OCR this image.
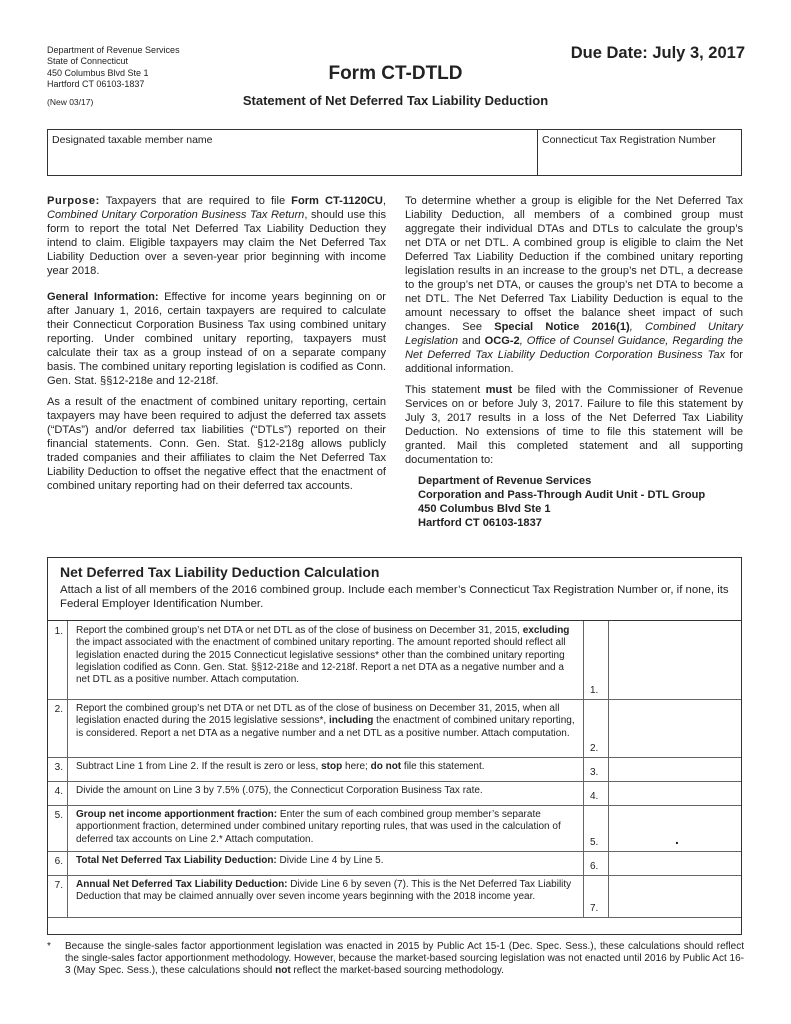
Department of Revenue Services
State of Connecticut
450 Columbus Blvd Ste 1
Hartford CT 06103-1837
(New 03/17)
Form CT-DTLD
Statement of Net Deferred Tax Liability Deduction
Due Date: July 3, 2017
Designated taxable member name	Connecticut Tax Registration Number

Purpose: Taxpayers that are required to file Form CT-1120CU, Combined Unitary Corporation Business Tax Return, should use this form to report the total Net Deferred Tax Liability Deduction they intend to claim. Eligible taxpayers may claim the Net Deferred Tax Liability Deduction over a seven-year prior beginning with income year 2018.

General Information: Effective for income years beginning on or after January 1, 2016, certain taxpayers are required to calculate their Connecticut Corporation Business Tax using combined unitary reporting. Under combined unitary reporting, taxpayers must calculate their tax as a group instead of on a separate company basis. The combined unitary reporting legislation is codified as Conn. Gen. Stat. §§12-218e and 12-218f.

As a result of the enactment of combined unitary reporting, certain taxpayers may have been required to adjust the deferred tax assets (“DTAs”) and/or deferred tax liabilities (“DTLs”) reported on their financial statements. Conn. Gen. Stat. §12-218g allows publicly traded companies and their affiliates to claim the Net Deferred Tax Liability Deduction to offset the negative effect that the enactment of combined unitary reporting had on their deferred tax accounts.

To determine whether a group is eligible for the Net Deferred Tax Liability Deduction, all members of a combined group must aggregate their individual DTAs and DTLs to calculate the group’s net DTA or net DTL. A combined group is eligible to claim the Net Deferred Tax Liability Deduction if the combined unitary reporting legislation results in an increase to the group’s net DTL, a decrease to the group’s net DTA, or causes the group’s net DTA to become a net DTL. The Net Deferred Tax Liability Deduction is equal to the amount necessary to offset the balance sheet impact of such changes. See Special Notice 2016(1), Combined Unitary Legislation and OCG-2, Office of Counsel Guidance, Regarding the Net Deferred Tax Liability Deduction Corporation Business Tax for additional information.

This statement must be filed with the Commissioner of Revenue Services on or before July 3, 2017. Failure to file this statement by July 3, 2017 results in a loss of the Net Deferred Tax Liability Deduction. No extensions of time to file this statement will be granted. Mail this completed statement and all supporting documentation to:

Department of Revenue Services
Corporation and Pass-Through Audit Unit - DTL Group
450 Columbus Blvd Ste 1
Hartford CT 06103-1837
Net Deferred Tax Liability Deduction Calculation
Attach a list of all members of the 2016 combined group. Include each member’s Connecticut Tax Registration Number or, if none, its Federal Employer Identification Number.
1.	Report the combined group’s net DTA or net DTL as of the close of business on December 31, 2015, excluding the impact associated with the enactment of combined unitary reporting. The amount reported should reflect all legislation enacted during the 2015 Connecticut legislative sessions* other than the combined unitary reporting legislation codified as Conn. Gen. Stat. §§12-218e and 12-218f. Report a net DTA as a negative number and a net DTL as a positive number. Attach computation.
1.
2.	Report the combined group’s net DTA or net DTL as of the close of business on December 31, 2015, when all legislation enacted during the 2015 legislative sessions*, including the enactment of combined unitary reporting, is considered. Report a net DTA as a negative number and a net DTL as a positive number. Attach computation.
2.
3.	Subtract Line 1 from Line 2. If the result is zero or less, stop here; do not file this statement.
3.
4.	Divide the amount on Line 3 by 7.5% (.075), the Connecticut Corporation Business Tax rate.
4.
5.	Group net income apportionment fraction: Enter the sum of each combined group member’s separate apportionment fraction, determined under combined unitary reporting rules, that was used in the calculation of deferred tax accounts on Line 2.* Attach computation.	5.	.
6.	Total Net Deferred Tax Liability Deduction: Divide Line 4 by Line 5.
6.
7.	Annual Net Deferred Tax Liability Deduction: Divide Line 6 by seven (7). This is the Net Deferred Tax Liability Deduction that may be claimed annually over seven income years beginning with the 2018 income year.
7.
* Because the single-sales factor apportionment legislation was enacted in 2015 by Public Act 15-1 (Dec. Spec. Sess.), these calculations should reflect the single-sales factor apportionment methodology. However, because the market-based sourcing legislation was not enacted until 2016 by Public Act 16-3 (May Spec. Sess.), these calculations should not reflect the market-based sourcing methodology.
